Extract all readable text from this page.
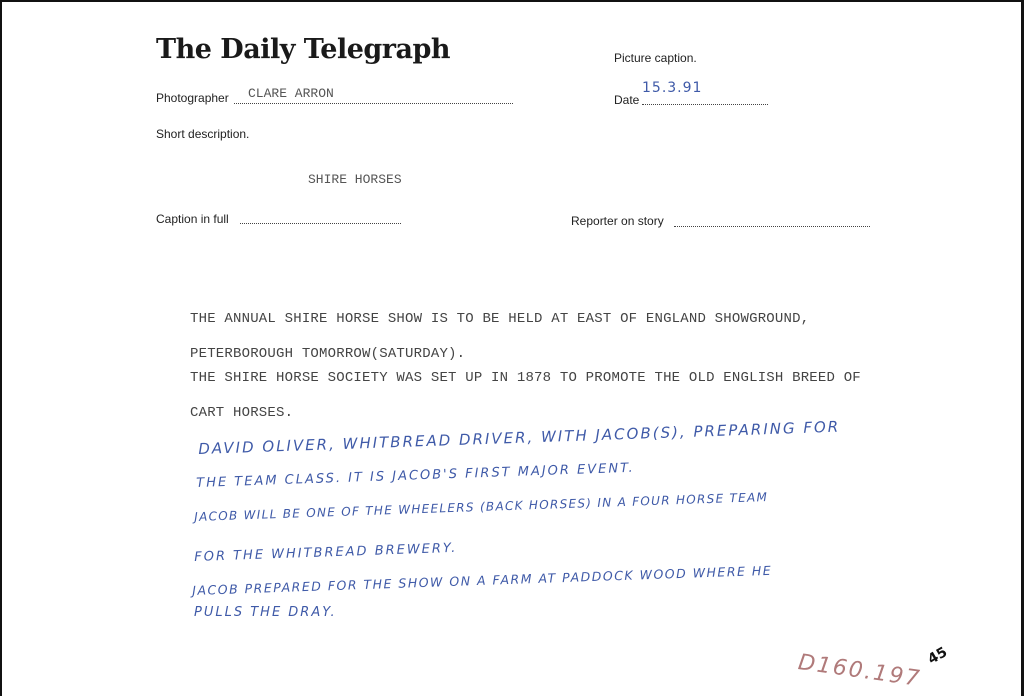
The Daily Telegraph	Picture caption.
Photographer CLARE ARRON	Date
15.3.91
Short description.
SHIRE HORSES
Caption in full	Reporter on story
THE ANNUAL SHIRE HORSE SHOW IS TO BE HELD AT EAST OF ENGLAND SHOWGROUND,
PETERBOROUGH TOMORROW(SATURDAY).
THE SHIRE HORSE SOCIETY WAS SET UP IN 1878 TO PROMOTE THE OLD ENGLISH BREED OF
CART HORSES.
DAVID OLIVER, WHITBREAD DRIVER, WITH JACOB(S), PREPARING FOR
THE TEAM CLASS. IT IS JACOB'S FIRST MAJOR EVENT.
JACOB WILL BE ONE OF THE WHEELERS (BACK HORSES) IN A FOUR HORSE TEAM
FOR THE WHITBREAD BREWERY.
JACOB PREPARED FOR THE SHOW ON A FARM AT PADDOCK WOOD WHERE HE
PULLS THE DRAY.
D160.197 45
